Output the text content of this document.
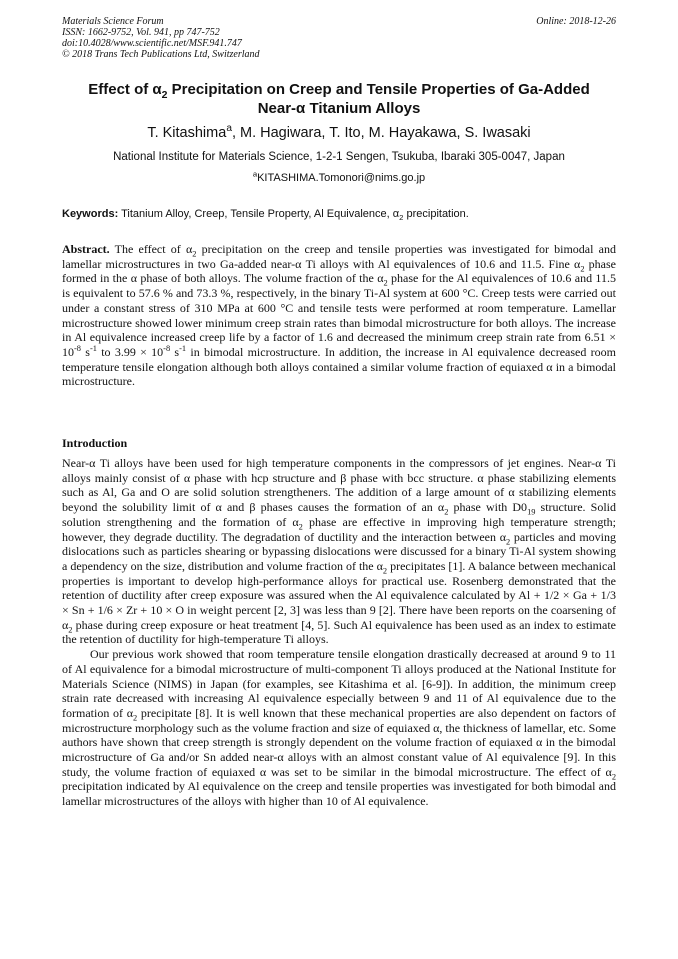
Materials Science Forum
ISSN: 1662-9752, Vol. 941, pp 747-752
doi:10.4028/www.scientific.net/MSF.941.747
© 2018 Trans Tech Publications Ltd, Switzerland
Online: 2018-12-26
Effect of $\alpha_2$ Precipitation on Creep and Tensile Properties of Ga-Added
Near-α Titanium Alloys
T. Kitashima$^a$, M. Hagiwara, T. Ito, M. Hayakawa, S. Iwasaki
National Institute for Materials Science, 1-2-1 Sengen, Tsukuba, Ibaraki 305-0047, Japan
$^a$KITASHIMA.Tomonori@nims.go.jp
Keywords: Titanium Alloy, Creep, Tensile Property, Al Equivalence, $\alpha_2$ precipitation.
Abstract. The effect of $\alpha_2$ precipitation on the creep and tensile properties was investigated for bimodal and lamellar microstructures in two Ga-added near-α Ti alloys with Al equivalences of 10.6 and 11.5. Fine $\alpha_2$ phase formed in the α phase of both alloys. The volume fraction of the $\alpha_2$ phase for the Al equivalences of 10.6 and 11.5 is equivalent to 57.6 % and 73.3 %, respectively, in the binary Ti-Al system at 600 °C. Creep tests were carried out under a constant stress of 310 MPa at 600 °C and tensile tests were performed at room temperature. Lamellar microstructure showed lower minimum creep strain rates than bimodal microstructure for both alloys. The increase in Al equivalence increased creep life by a factor of 1.6 and decreased the minimum creep strain rate from $6.51 \times 10^{-8}$ $s^{-1}$ to $3.99 \times 10^{-8}$ $s^{-1}$ in bimodal microstructure. In addition, the increase in Al equivalence decreased room temperature tensile elongation although both alloys contained a similar volume fraction of equiaxed α in a bimodal microstructure.
Introduction

Near-α Ti alloys have been used for high temperature components in the compressors of jet engines. Near-α Ti alloys mainly consist of α phase with hcp structure and β phase with bcc structure. α phase stabilizing elements such as Al, Ga and O are solid solution strengtheners. The addition of a large amount of α stabilizing elements beyond the solubility limit of α and β phases causes the formation of an $\alpha_2$ phase with $D0_{19}$ structure. Solid solution strengthening and the formation of $\alpha_2$ phase are effective in improving high temperature strength; however, they degrade ductility. The degradation of ductility and the interaction between $\alpha_2$ particles and moving dislocations such as particles shearing or bypassing dislocations were discussed for a binary Ti-Al system showing a dependency on the size, distribution and volume fraction of the $\alpha_2$ precipitates [1]. A balance between mechanical properties is important to develop high-performance alloys for practical use. Rosenberg demonstrated that the retention of ductility after creep exposure was assured when the Al equivalence calculated by Al + 1/2 × Ga + 1/3 × Sn + 1/6 × Zr + 10 × O in weight percent [2, 3] was less than 9 [2]. There have been reports on the coarsening of $\alpha_2$ phase during creep exposure or heat treatment [4, 5]. Such Al equivalence has been used as an index to estimate the retention of ductility for high-temperature Ti alloys.

Our previous work showed that room temperature tensile elongation drastically decreased at around 9 to 11 of Al equivalence for a bimodal microstructure of multi-component Ti alloys produced at the National Institute for Materials Science (NIMS) in Japan (for examples, see Kitashima et al. [6-9]). In addition, the minimum creep strain rate decreased with increasing Al equivalence especially between 9 and 11 of Al equivalence due to the formation of $\alpha_2$ precipitate [8]. It is well known that these mechanical properties are also dependent on factors of microstructure morphology such as the volume fraction and size of equiaxed α, the thickness of lamellar, etc. Some authors have shown that creep strength is strongly dependent on the volume fraction of equiaxed α in the bimodal microstructure of Ga and/or Sn added near-α alloys with an almost constant value of Al equivalence [9]. In this study, the volume fraction of equiaxed α was set to be similar in the bimodal microstructure. The effect of $\alpha_2$ precipitation indicated by Al equivalence on the creep and tensile properties was investigated for both bimodal and lamellar microstructures of the alloys with higher than 10 of Al equivalence.
